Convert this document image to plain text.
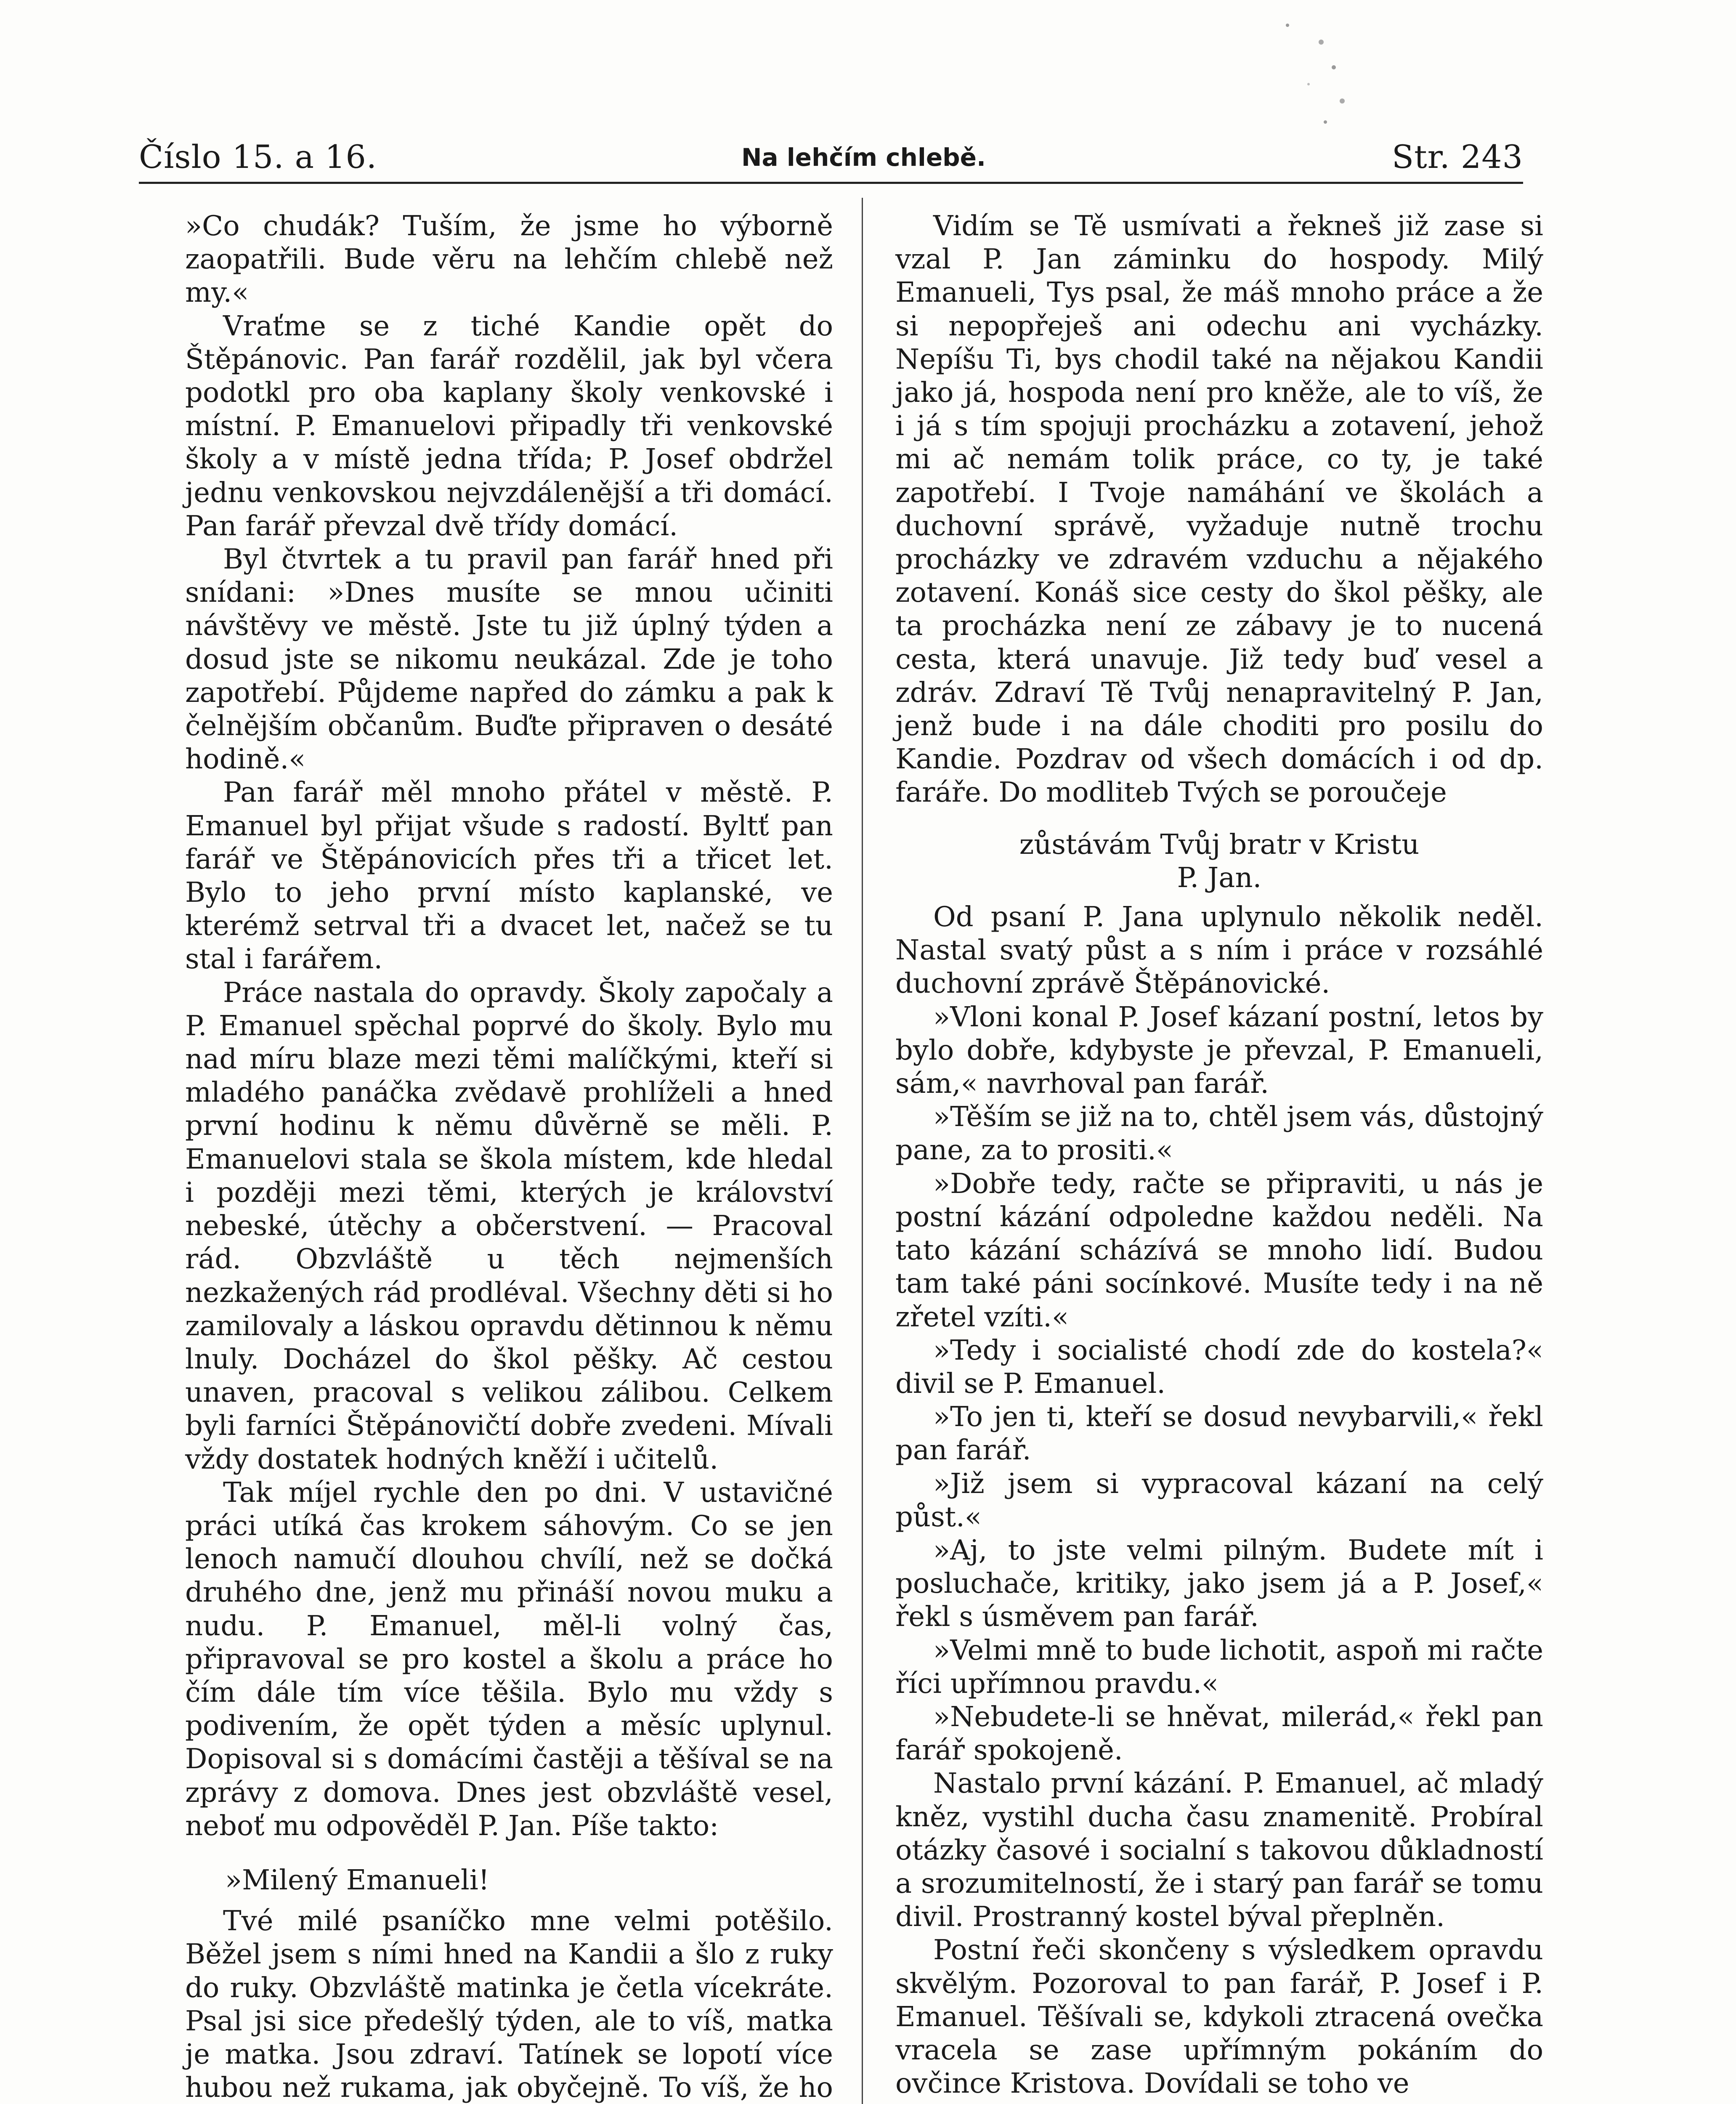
Číslo 15. a 16.	Na lehčím chlebě.	Str. 243

»Co chudák? Tuším, že jsme ho výborně zaopatřili. Bude věru na lehčím chlebě než my.«

Vraťme se z tiché Kandie opět do Štěpánovic. Pan farář rozdělil, jak byl včera podotkl pro oba kaplany školy venkovské i místní. P. Emanuelovi připadly tři venkovské školy a v místě jedna třída; P. Josef obdržel jednu venkovskou nejvzdálenější a tři domácí. Pan farář převzal dvě třídy domácí.

Byl čtvrtek a tu pravil pan farář hned při snídani: »Dnes musíte se mnou učiniti návštěvy ve městě. Jste tu již úplný týden a dosud jste se nikomu neukázal. Zde je toho zapotřebí. Půjdeme napřed do zámku a pak k čelnějším občanům. Buďte připraven o desáté hodině.«

Pan farář měl mnoho přátel v městě. P. Emanuel byl přijat všude s radostí. Byltť pan farář ve Štěpánovicích přes tři a třicet let. Bylo to jeho první místo kaplanské, ve kterémž setrval tři a dvacet let, načež se tu stal i farářem.

Práce nastala do opravdy. Školy započaly a P. Emanuel spěchal poprvé do školy. Bylo mu nad míru blaze mezi těmi malíčkými, kteří si mladého panáčka zvědavě prohlíželi a hned první hodinu k němu důvěrně se měli. P. Emanuelovi stala se škola místem, kde hledal i později mezi těmi, kterých je království nebeské, útěchy a občerstvení. — Pracoval rád. Obzvláště u těch nejmenších nezkažených rád prodléval. Všechny děti si ho zamilovaly a láskou opravdu dětinnou k němu lnuly. Docházel do škol pěšky. Ač cestou unaven, pracoval s velikou zálibou. Celkem byli farníci Štěpánovičtí dobře zvedeni. Mívali vždy dostatek hodných kněží i učitelů.

Tak míjel rychle den po dni. V ustavičné práci utíká čas krokem sáhovým. Co se jen lenoch namučí dlouhou chvílí, než se dočká druhého dne, jenž mu přináší novou muku a nudu. P. Emanuel, měl-li volný čas, připravoval se pro kostel a školu a práce ho čím dále tím více těšila. Bylo mu vždy s podivením, že opět týden a měsíc uplynul. Dopisoval si s domácími častěji a těšíval se na zprávy z domova. Dnes jest obzvláště vesel, neboť mu odpověděl P. Jan. Píše takto:

»Milený Emanueli!

Tvé milé psaníčko mne velmi potěšilo. Běžel jsem s ními hned na Kandii a šlo z ruky do ruky. Obzvláště matinka je četla vícekráte. Psal jsi sice předešlý týden, ale to víš, matka je matka. Jsou zdraví. Tatínek se lopotí více hubou než rukama, jak obyčejně. To víš, že ho

Vidím se Tě usmívati a řekneš již zase si vzal P. Jan záminku do hospody. Milý Emanueli, Tys psal, že máš mnoho práce a že si nepopřeješ ani odechu ani vycházky. Nepíšu Ti, bys chodil také na nějakou Kandii jako já, hospoda není pro kněže, ale to víš, že i já s tím spojuji procházku a zotavení, jehož mi ač nemám tolik práce, co ty, je také zapotřebí. I Tvoje namáhání ve školách a duchovní správě, vyžaduje nutně trochu procházky ve zdravém vzduchu a nějakého zotavení. Konáš sice cesty do škol pěšky, ale ta procházka není ze zábavy je to nucená cesta, která unavuje. Již tedy buď vesel a zdráv. Zdraví Tě Tvůj nenapravitelný P. Jan, jenž bude i na dále choditi pro posilu do Kandie. Pozdrav od všech domácích i od dp. faráře. Do modliteb Tvých se poroučeje

zůstávám Tvůj bratr v Kristu

P. Jan.

Od psaní P. Jana uplynulo několik neděl. Nastal svatý půst a s ním i práce v rozsáhlé duchovní zprávě Štěpánovické.

»Vloni konal P. Josef kázaní postní, letos by bylo dobře, kdybyste je převzal, P. Emanueli, sám,« navrhoval pan farář.

»Těším se již na to, chtěl jsem vás, důstojný pane, za to prositi.«

»Dobře tedy, račte se připraviti, u nás je postní kázání odpoledne každou neděli. Na tato kázání scházívá se mnoho lidí. Budou tam také páni socínkové. Musíte tedy i na ně zřetel vzíti.«

»Tedy i socialisté chodí zde do kostela?« divil se P. Emanuel.

»To jen ti, kteří se dosud nevybarvili,« řekl pan farář.

»Již jsem si vypracoval kázaní na celý půst.«

»Aj, to jste velmi pilným. Budete mít i posluchače, kritiky, jako jsem já a P. Josef,« řekl s úsměvem pan farář.

»Velmi mně to bude lichotit, aspoň mi račte říci upřímnou pravdu.«

»Nebudete-li se hněvat, milerád,« řekl pan farář spokojeně.

Nastalo první kázání. P. Emanuel, ač mladý kněz, vystihl ducha času znamenitě. Probíral otázky časové i socialní s takovou důkladností a srozumitelností, že i starý pan farář se tomu divil. Prostranný kostel býval přeplněn.

Postní řeči skončeny s výsledkem opravdu skvělým. Pozoroval to pan farář, P. Josef i P. Emanuel. Těšívali se, kdykoli ztracená ovečka vracela se zase upřímným pokáním do ovčince Kristova. Dovídali se toho ve
